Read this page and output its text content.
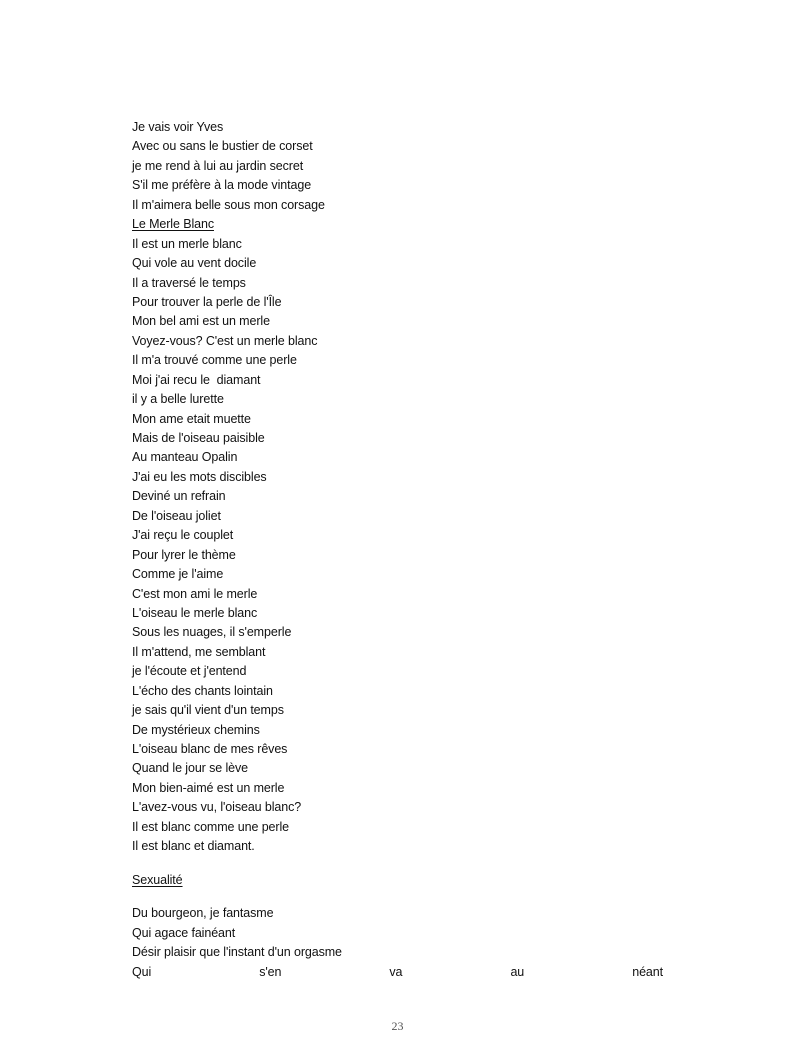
Je vais voir Yves
Avec ou sans le bustier de corset
je me rend à lui au jardin secret
S'il me préfère à la mode vintage
Il m'aimera belle sous mon corsage
Le Merle Blanc
Il est un merle blanc
Qui vole au vent docile
Il a traversé le temps
Pour trouver la perle de l'Île
Mon bel ami est un merle
Voyez-vous? C'est un merle blanc
Il m'a trouvé comme une perle
Moi j'ai recu le  diamant
il y a belle lurette
Mon ame etait muette
Mais de l'oiseau paisible
Au manteau Opalin
J'ai eu les mots discibles
Deviné un refrain
De l'oiseau joliet
J'ai reçu le couplet
Pour lyrer le thème
Comme je l'aime
C'est mon ami le merle
L'oiseau le merle blanc
Sous les nuages, il s'emperle
Il m'attend, me semblant
je l'écoute et j'entend
L'écho des chants lointain
je sais qu'il vient d'un temps
De mystérieux chemins
L'oiseau blanc de mes rêves
Quand le jour se lève
Mon bien-aimé est un merle
L'avez-vous vu, l'oiseau blanc?
Il est blanc comme une perle
Il est blanc et diamant.
Sexualité
Du bourgeon, je fantasme
Qui agace fainéant
Désir plaisir que l'instant d'un orgasme
Qui	s'en	va	au	néant
23
